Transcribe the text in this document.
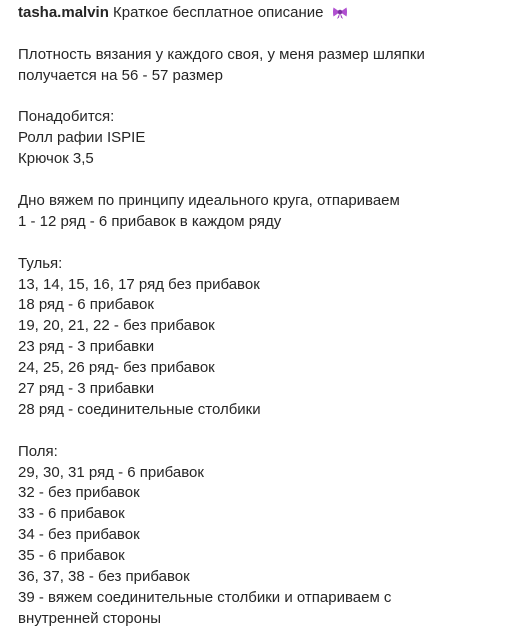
tasha.malvin Краткое бесплатное описание
Плотность вязания у каждого своя, у меня размер шляпки
получается на 56 - 57 размер
Понадобится:
Ролл рафии ISPIE
Крючок 3,5
Дно вяжем по принципу идеального круга, отпариваем
1 - 12 ряд - 6 прибавок в каждом ряду
Тулья:
13, 14, 15, 16, 17 ряд без прибавок
18 ряд - 6 прибавок
19, 20, 21, 22 - без прибавок
23 ряд - 3 прибавки
24, 25, 26 ряд- без прибавок
27 ряд - 3 прибавки
28 ряд - соединительные столбики
Поля:
29, 30, 31 ряд - 6 прибавок
32 - без прибавок
33 - 6 прибавок
34 - без прибавок
35 - 6 прибавок
36, 37, 38 - без прибавок
39 - вяжем соединительные столбики и отпариваем с
внутренней стороны
